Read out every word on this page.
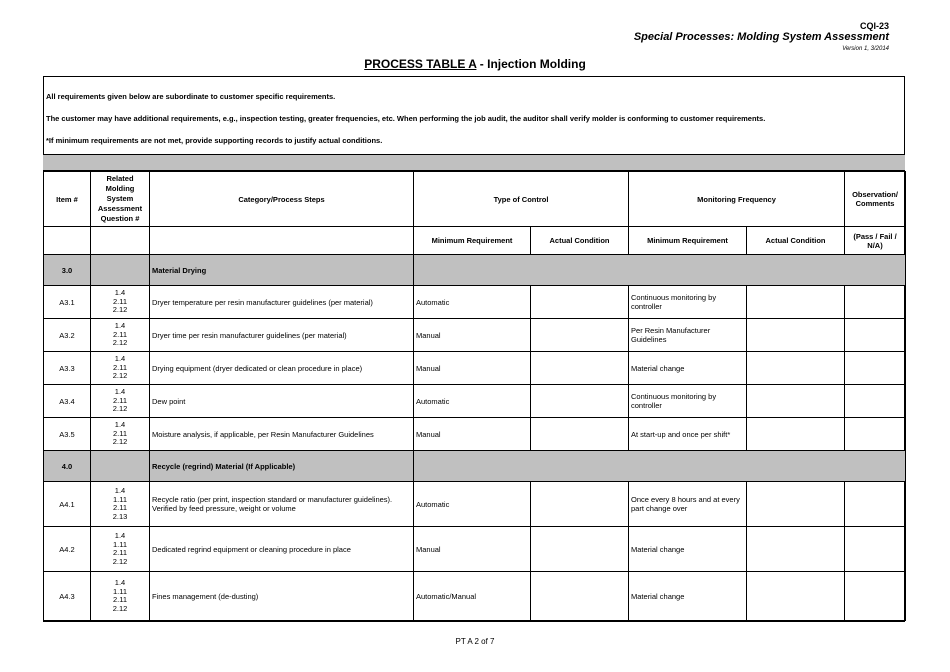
CQI-23
Special Processes: Molding System Assessment
Version 1, 3/2014
PROCESS TABLE A - Injection Molding
All requirements given below are subordinate to customer specific requirements.
The customer may have additional requirements, e.g., inspection testing, greater frequencies, etc. When performing the job audit, the auditor shall verify molder is conforming to customer requirements.
*If minimum requirements are not met, provide supporting records to justify actual conditions.
Item #	Related Molding System Assessment Question #	Category/Process Steps	Type of Control		Monitoring Frequency		Observation/ Comments
			Minimum Requirement	Actual Condition	Minimum Requirement	Actual Condition	(Pass / Fail / N/A)
3.0		Material Drying					
A3.1	1.4
2.11
2.12	Dryer temperature per resin manufacturer guidelines (per material)	Automatic		Continuous monitoring by controller		
A3.2	1.4
2.11
2.12	Dryer time per resin manufacturer guidelines (per material)	Manual		Per Resin Manufacturer Guidelines		
A3.3	1.4
2.11
2.12	Drying equipment (dryer dedicated or clean procedure in place)	Manual		Material change		
A3.4	1.4
2.11
2.12	Dew point	Automatic		Continuous monitoring by controller		
A3.5	1.4
2.11
2.12	Moisture analysis, if applicable, per Resin Manufacturer Guidelines	Manual		At start-up and once per shift*		
4.0		Recycle (regrind) Material (If Applicable)					
A4.1	1.4
1.11
2.11
2.13	Recycle ratio (per print, inspection standard or manufacturer guidelines). Verified by feed pressure, weight or volume	Automatic		Once every 8 hours and at every part change over		
A4.2	1.4
1.11
2.11
2.12	Dedicated regrind equipment or cleaning procedure in place	Manual		Material change		
A4.3	1.4
1.11
2.11
2.12	Fines management (de-dusting)	Automatic/Manual		Material change		
PT A 2 of 7
